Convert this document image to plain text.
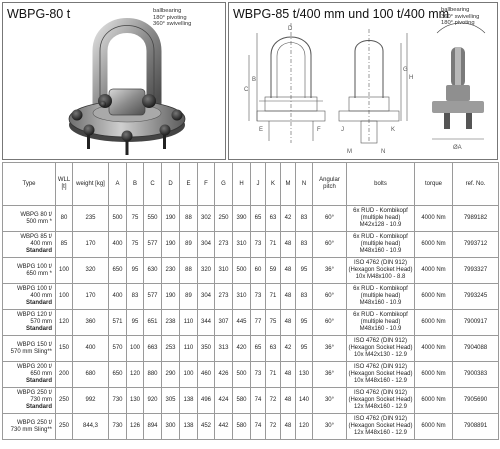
WBPG-80 t	ballbearing
180° pivoting
360° swivelling
WBPG-85 t/400 mm und 100 t/400 mm
ballbearing
360° swivelling
180° pivoting
B
C
D
E	F
G
H
J	K
M	N
ØA
Type	WLL [t]	weight [kg]	A	B	C	D	E	F	G	H	J	K	M	N	Angular pitch	bolts	torque	ref. No.

WBPG 80 t/
500 mm *	80	235	500	75	550	190	88	302	250	390	65	63	42	83	60°	6x RUD - Kombikopf
(multiple head)
M42x128 - 10.9	4000 Nm	7989182

WBPG 85 t/
400 mm Standard	85	170	400	75	577	190	89	304	273	310	73	71	48	83	60°	6x RUD - Kombikopf
(multiple head)
M48x160 - 10.9	6000 Nm	7993712

WBPG 100 t/
650 mm *	100	320	650	95	630	230	88	320	310	500	60	59	48	95	36°	ISO 4762 (DIN 912)
(Hexagon Socket Head)
10x M48x100 - 8.8	4000 Nm	7993327

WBPG 100 t/
400 mm Standard	100	170	400	83	577	190	89	304	273	310	73	71	48	83	60°	6x RUD - Kombikopf
(multiple head)
M48x160 - 10.9	6000 Nm	7993245

WBPG 120 t/
570 mm Standard	120	360	571	95	651	238	110	344	307	445	77	75	48	95	60°	6x RUD - Kombikopf
(multiple head)
M48x160 - 10.9	6000 Nm	7900917

WBPG 150 t/
570 mm Sling**	150	400	570	100	663	253	110	350	313	420	65	63	42	95	36°	ISO 4762 (DIN 912)
(Hexagon Socket Head)
10x M42x130 - 12.9	4000 Nm	7904088

WBPG 200 t/
650 mm Standard	200	680	650	120	880	290	100	460	426	500	73	71	48	130	36°	ISO 4762 (DIN 912)
(Hexagon Socket Head)
10x M48x160 - 12.9	6000 Nm	7900383

WBPG 250 t/
730 mm Standard	250	992	730	130	920	305	138	496	424	580	74	72	48	140	30°	ISO 4762 (DIN 912)
(Hexagon Socket Head)
12x M48x160 - 12.9	6000 Nm	7905690

WBPG 250 t/
730 mm Sling**	250	844,3	730	126	894	300	138	452	442	580	74	72	48	120	30°	ISO 4762 (DIN 912)
(Hexagon Socket Head)
12x M48x160 - 12.9	6000 Nm	7908891
